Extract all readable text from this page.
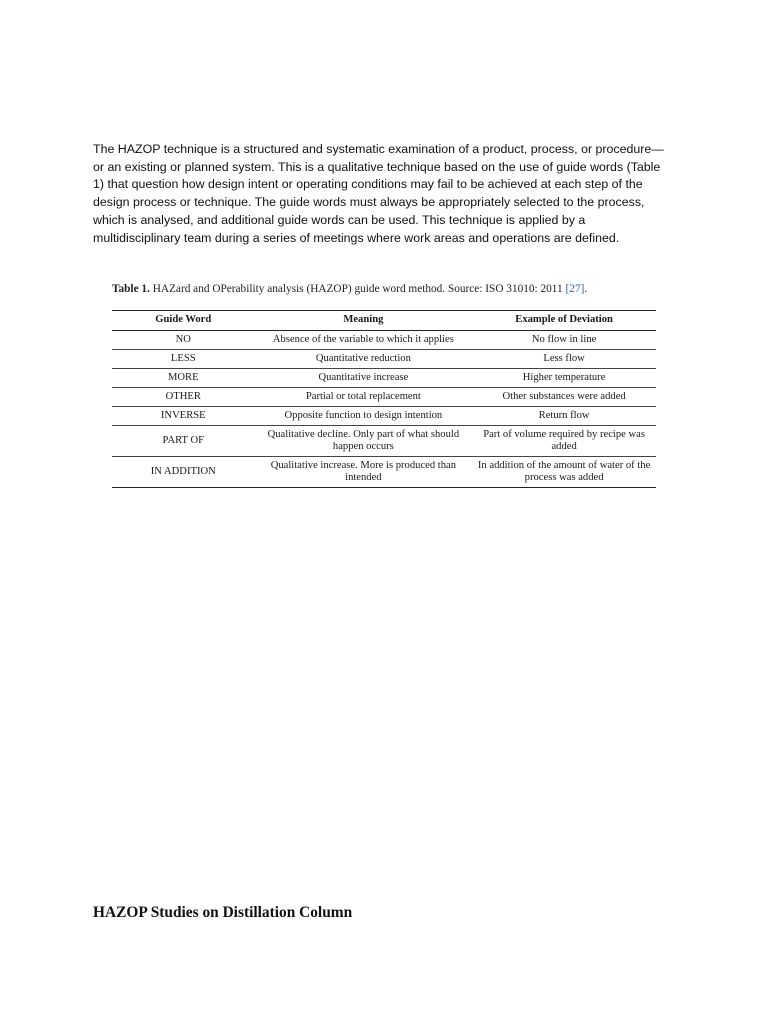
The HAZOP technique is a structured and systematic examination of a product, process, or procedure—or an existing or planned system. This is a qualitative technique based on the use of guide words (Table 1) that question how design intent or operating conditions may fail to be achieved at each step of the design process or technique. The guide words must always be appropriately selected to the process, which is analysed, and additional guide words can be used. This technique is applied by a multidisciplinary team during a series of meetings where work areas and operations are defined.

Table 1. HAZard and OPerability analysis (HAZOP) guide word method. Source: ISO 31010: 2011 [27].
Guide Word	Meaning	Example of Deviation
NO	Absence of the variable to which it applies	No flow in line
LESS	Quantitative reduction	Less flow
MORE	Quantitative increase	Higher temperature
OTHER	Partial or total replacement	Other substances were added
INVERSE	Opposite function to design intention	Return flow
PART OF	Qualitative decline. Only part of what should happen occurs	Part of volume required by recipe was added
IN ADDITION	Qualitative increase. More is produced than intended	In addition of the amount of water of the process was added
HAZOP Studies on Distillation Column
